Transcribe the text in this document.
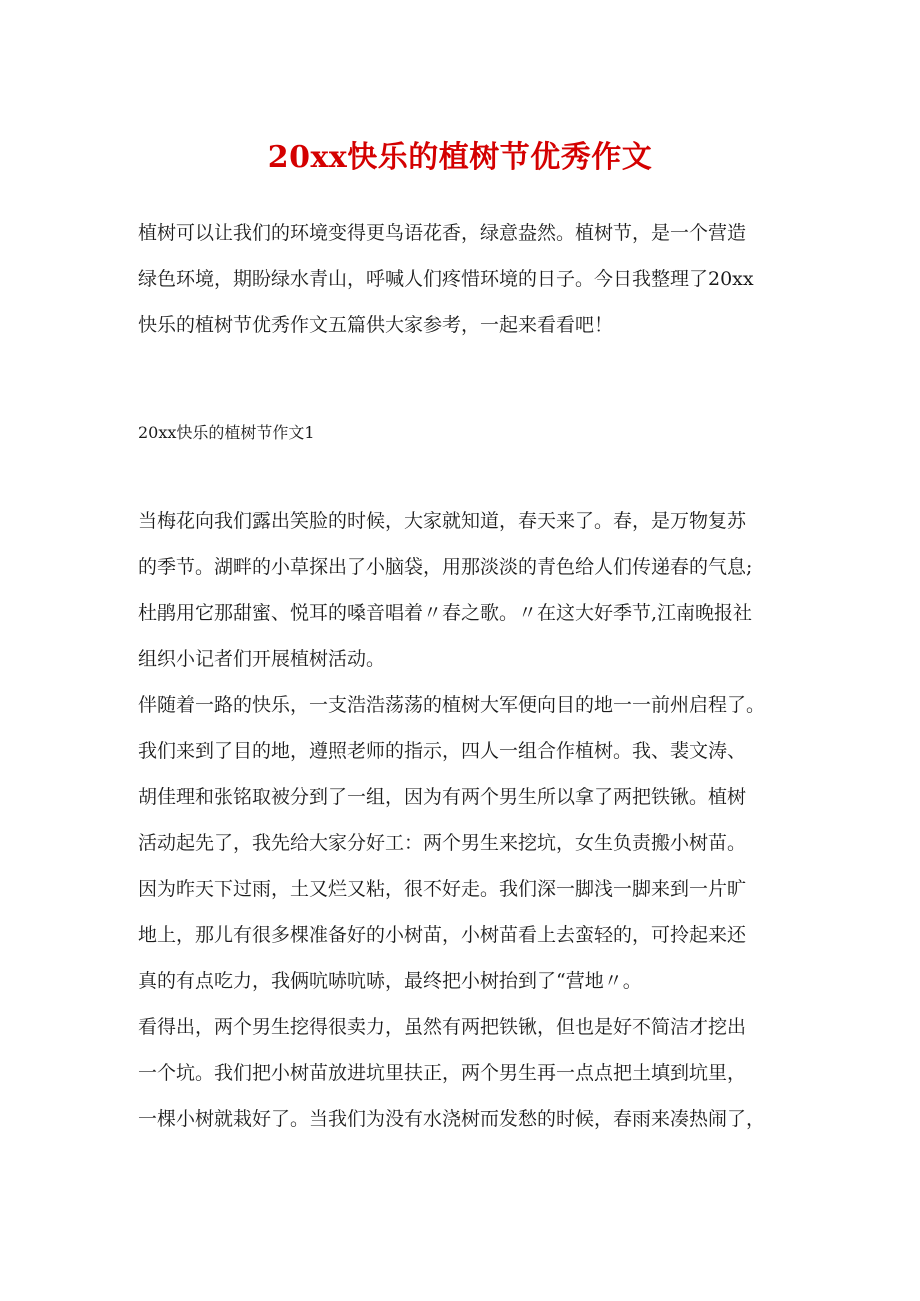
20xx快乐的植树节优秀作文
植树可以让我们的环境变得更鸟语花香，绿意盎然。植树节，是一个营造
绿色环境，期盼绿水青山，呼喊人们疼惜环境的日子。今日我整理了20xx
快乐的植树节优秀作文五篇供大家参考，一起来看看吧！
20xx快乐的植树节作文1
当梅花向我们露出笑脸的时候，大家就知道，春天来了。春，是万物复苏
的季节。湖畔的小草探出了小脑袋，用那淡淡的青色给人们传递春的气息;
杜鹃用它那甜蜜、悦耳的嗓音唱着〃春之歌。〃在这大好季节,江南晚报社
组织小记者们开展植树活动。
伴随着一路的快乐，一支浩浩荡荡的植树大军便向目的地一一前州启程了。
我们来到了目的地，遵照老师的指示，四人一组合作植树。我、裴文涛、
胡佳理和张铭取被分到了一组，因为有两个男生所以拿了两把铁锹。植树
活动起先了，我先给大家分好工：两个男生来挖坑，女生负责搬小树苗。
因为昨天下过雨，土又烂又粘，很不好走。我们深一脚浅一脚来到一片旷
地上，那儿有很多棵准备好的小树苗，小树苗看上去蛮轻的，可拎起来还
真的有点吃力，我俩吭哧吭哧，最终把小树抬到了“营地〃。
看得出，两个男生挖得很卖力，虽然有两把铁锹，但也是好不简洁才挖出
一个坑。我们把小树苗放进坑里扶正，两个男生再一点点把土填到坑里，
一棵小树就栽好了。当我们为没有水浇树而发愁的时候，春雨来凑热闹了，
